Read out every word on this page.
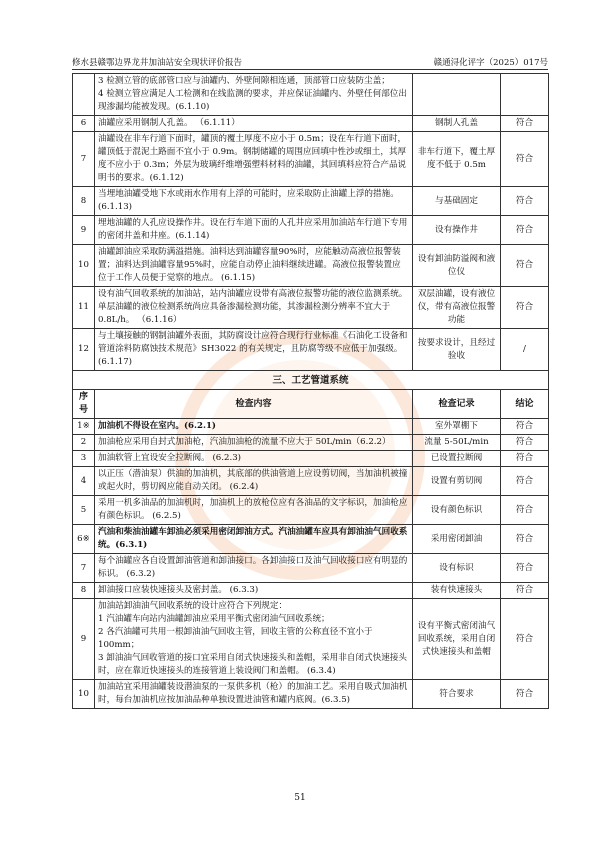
修水县赣鄂边界龙井加油站安全现状评价报告	赣通浔化评字（2025）017号
	3 检测立管的底部管口应与油罐内、外壁间隙相连通，顶部管口应装防尘盖；
4 检测立管应满足人工检测和在线监测的要求，并应保证油罐内、外壁任何部位出现渗漏均能被发现。(6.1.10)		
6	油罐应采用钢制人孔盖。 （6.1.11）	钢制人孔盖	符合
7	油罐设在非车行道下面时，罐顶的覆土厚度不应小于 0.5m；设在车行道下面时，罐顶低于混泥土路面不宜小于 0.9m。钢制储罐的周围应回填中性沙或细土，其厚度不应小于 0.3m；外层为玻璃纤维增强塑料材料的油罐，其回填料应符合产品说明书的要求。(6.1.12)	非车行道下，覆土厚度不低于 0.5m	符合
8	当埋地油罐受地下水或雨水作用有上浮的可能时，应采取防止油罐上浮的措施。(6.1.13)	与基础固定	符合
9	埋地油罐的人孔应设操作井。设在行车道下面的人孔井应采用加油站车行道下专用的密闭井盖和井座。(6.1.14)	设有操作井	符合
10	油罐卸油应采取防满溢措施。油料达到油罐容量90%时，应能触动高液位报警装置；油料达到油罐容量95%时，应能自动停止油料继续进罐。高液位报警装置应位于工作人员便于觉察的地点。 (6.1.15)	设有卸油防溢阀和液位仪	符合
11	设有油气回收系统的加油站，站内油罐应设带有高液位报警功能的液位监测系统。单层油罐的液位检测系统尚应具备渗漏检测功能，其渗漏检测分辨率不宜大于 0.8L/h。 （6.1.16）	双层油罐，设有液位仪，带有高液位报警功能	符合
12	与土壤接触的钢制油罐外表面，其防腐设计应符合现行行业标准《石油化工设备和管道涂料防腐蚀技术规范》SH3022 的有关规定，且防腐等级不应低于加强级。(6.1.17)	按要求设计，且经过验收	/
三、工艺管道系统			
序号	检查内容	检查记录	结论
1※	加油机不得设在室内。(6.2.1)	室外罩棚下	符合
2	加油枪应采用自封式加油枪，汽油加油枪的流量不应大于 50L/min（6.2.2）	流量 5-50L/min	符合
3	加油软管上宜设安全拉断阀。 (6.2.3)	已设置拉断阀	符合
4	以正压（潜油泵）供油的加油机，其底部的供油管道上应设剪切阀，当加油机被撞或起火时，剪切阀应能自动关闭。 (6.2.4)	设置有剪切阀	符合
5	采用一机多油品的加油机时，加油机上的放枪位应有各油品的文字标识，加油枪应有颜色标识。 (6.2.5)	设有颜色标识	符合
6※	汽油和柴油油罐车卸油必须采用密闭卸油方式。汽油油罐车应具有卸油油气回收系统。(6.3.1)	采用密闭卸油	符合
7	每个油罐应各自设置卸油管道和卸油接口。各卸油接口及油气回收接口应有明显的标识。 (6.3.2)	设有标识	符合
8	卸油接口应装快速接头及密封盖。 (6.3.3)	装有快速接头	符合
9	加油站卸油油气回收系统的设计应符合下列规定：
1 汽油罐车向站内油罐卸油应采用平衡式密闭油气回收系统；
2 各汽油罐可共用一根卸油油气回收主管，回收主管的公称直径不宜小于 100mm；
3 卸油油气回收管道的接口宜采用自闭式快速接头和盖帽，采用非自闭式快速接头时，应在靠近快速接头的连接管道上装设阀门和盖帽。 (6.3.4)	设有平衡式密闭油气回收系统，采用自闭式快速接头和盖帽	符合
10	加油站宜采用油罐装设潜油泵的一泵供多机（枪）的加油工艺。采用自吸式加油机时，每台加油机应按加油品种单独设置进油管和罐内底阀。(6.3.5)	符合要求	符合
51
